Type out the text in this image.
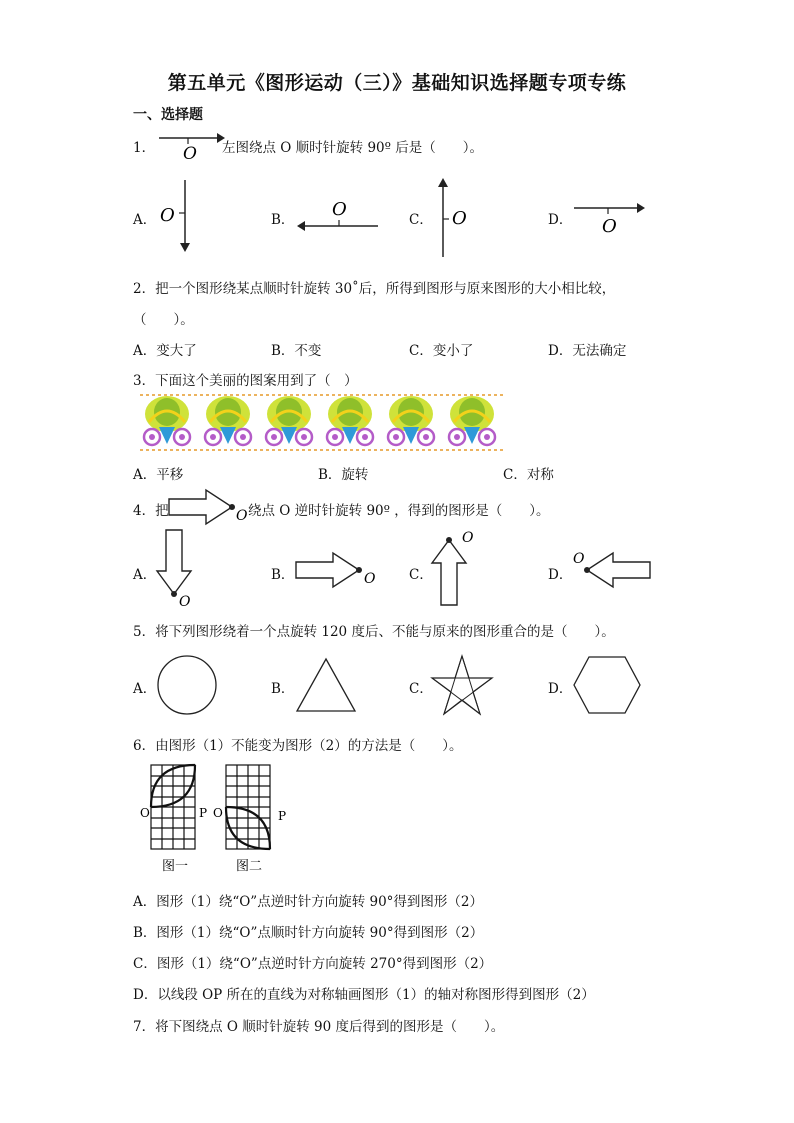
第五单元《图形运动（三）》基础知识选择题专项专练
一、选择题
1． O 左图绕点 O 顺时针旋转 90º 后是（　　）。
A． O	B． O	C． O	D． O
2．把一个图形绕某点顺时针旋转 30˚后，所得到图形与原来图形的大小相比较，
（　　）。
A．变大了	B．不变	C．变小了	D．无法确定
3．下面这个美丽的图案用到了（　）
A．平移	B．旋转	C．对称
4．把	O 绕点 O 逆时针旋转 90º ，得到的图形是（　　）。
A．
O
B．	O C．
O
D．
O
5．将下列图形绕着一个点旋转 120 度后、不能与原来的图形重合的是（　　）。
A．	B．	C．	D．
6．由图形（1）不能变为图形（2）的方法是（　　）。
O	P O	P
图一	图二
A．图形（1）绕“O”点逆时针方向旋转 90°得到图形（2）
B．图形（1）绕“O”点顺时针方向旋转 90°得到图形（2）
C．图形（1）绕“O”点逆时针方向旋转 270°得到图形（2）
D．以线段 OP 所在的直线为对称轴画图形（1）的轴对称图形得到图形（2）
7．将下图绕点 O 顺时针旋转 90 度后得到的图形是（　　）。
